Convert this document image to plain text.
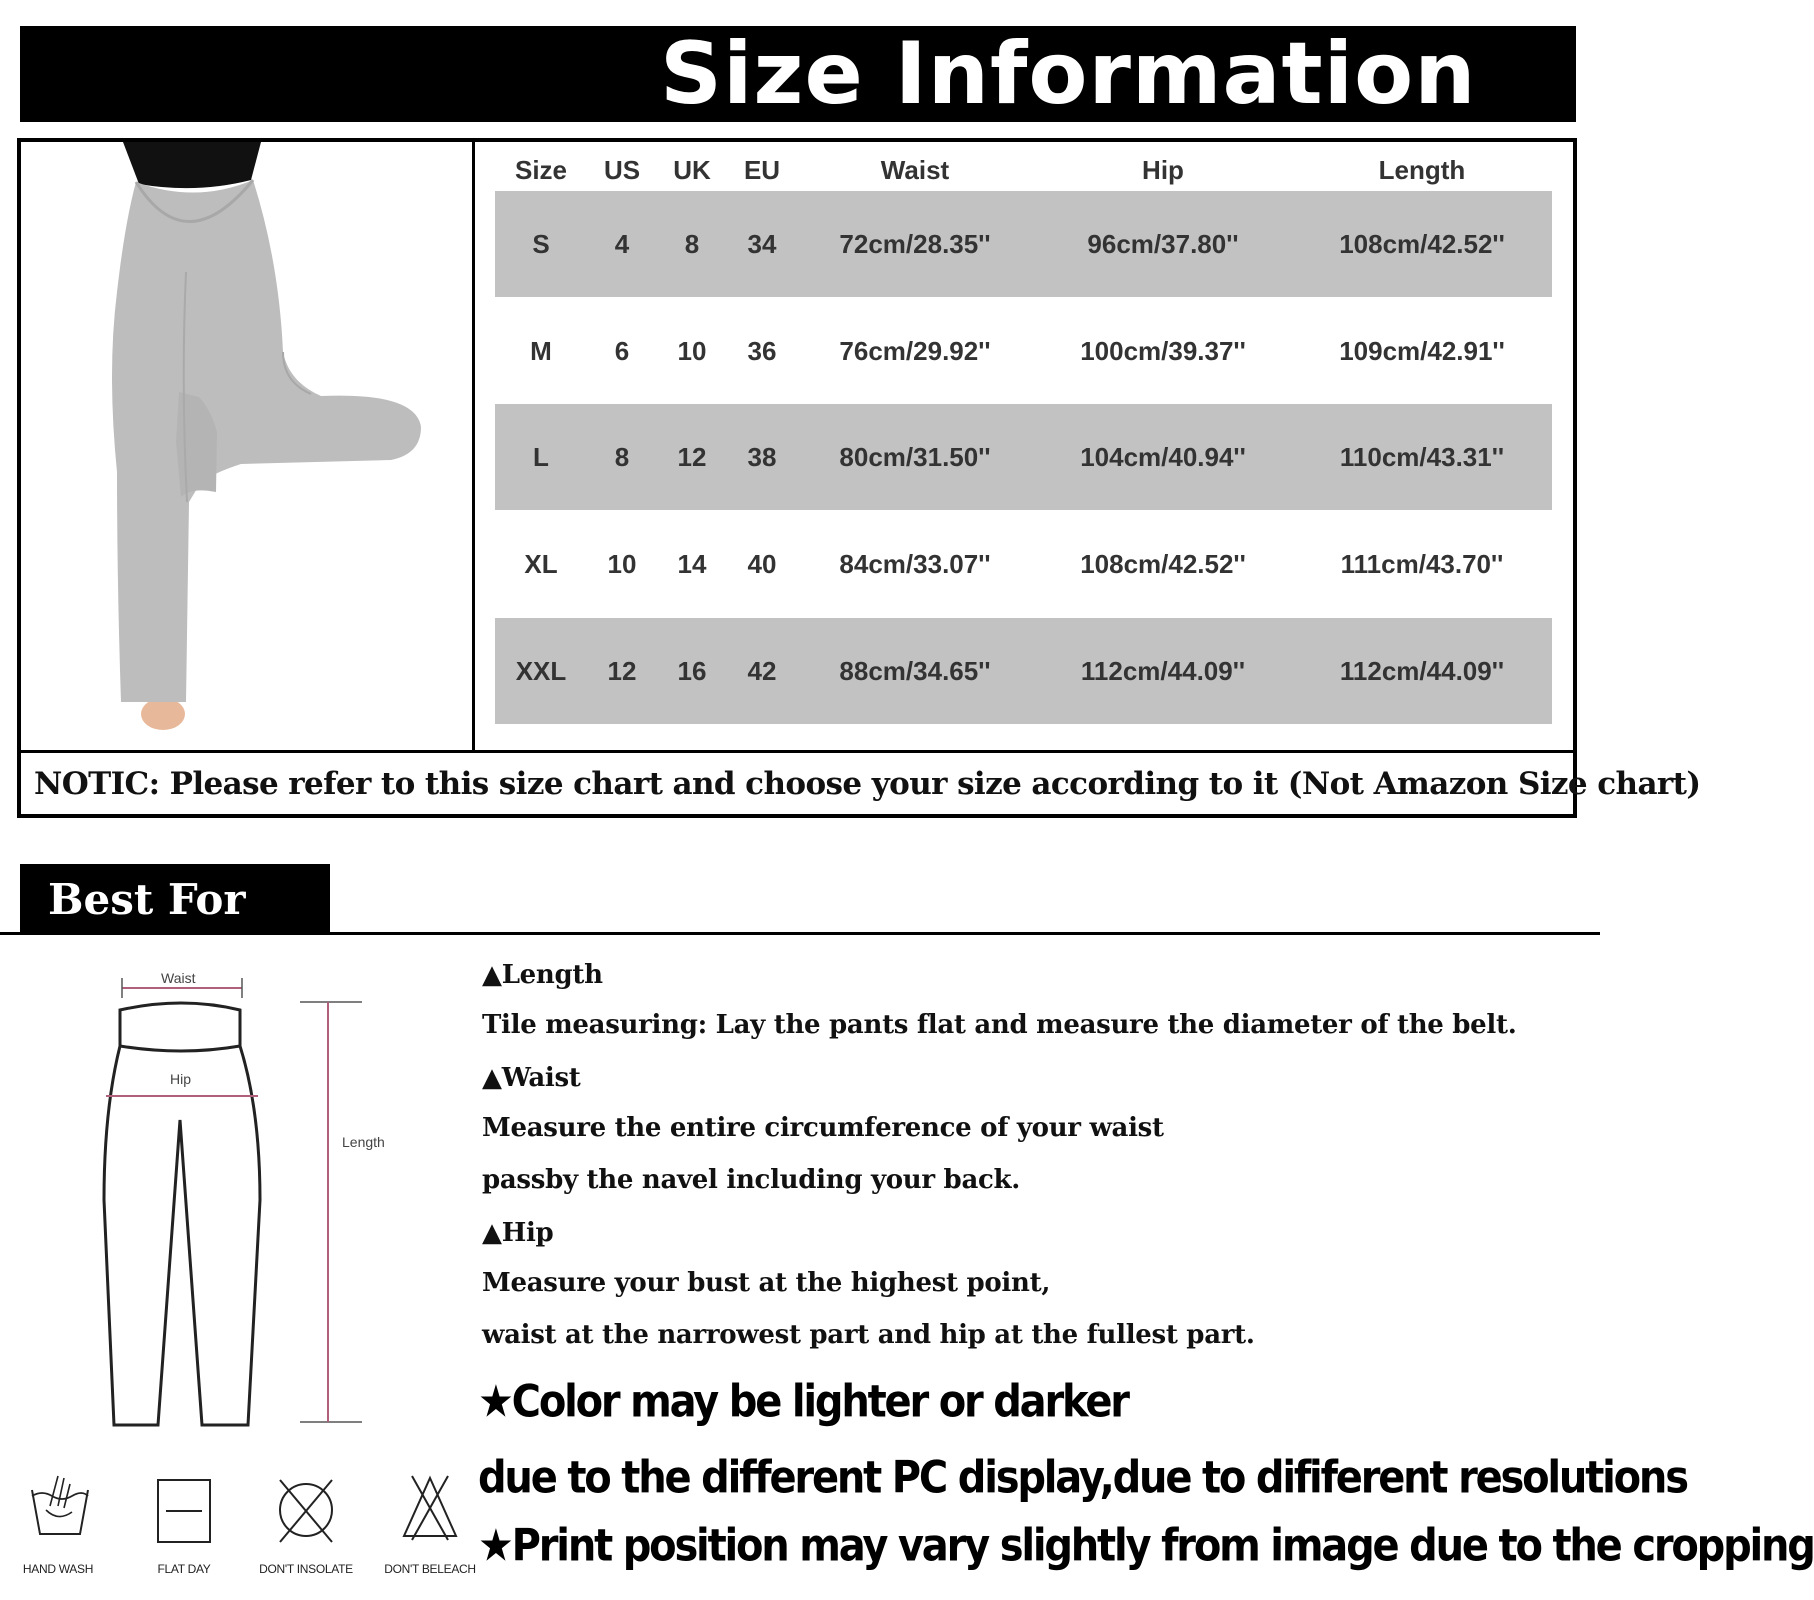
Size Information
Size US UK EU	Waist	Hip	Length
S	4 8 34 72cm/28.35''	96cm/37.80''	108cm/42.52''
M 6 10 36 76cm/29.92''	100cm/39.37''	109cm/42.91''
L	8 12 38 80cm/31.50''	104cm/40.94''	110cm/43.31''
XL 10 14 40 84cm/33.07''	108cm/42.52''	111cm/43.70''
XXL 12 16 42 88cm/34.65''	112cm/44.09''	112cm/44.09''
NOTIC: Please refer to this size chart and choose your size according to it (Not Amazon Size chart)
Best For You	Waist
Hip
Length
▲Length
Tile measuring: Lay the pants flat and measure the diameter of the belt.
▲Waist
Measure the entire circumference of your waist
passby the navel including your back.
▲Hip
Measure your bust at the highest point,
waist at the narrowest part and hip at the fullest part.
★Color may be lighter or darker
due to the different PC display,due to dififerent resolutions
★Print position may vary slightly from image due to the cropping
HAND WASH	FLAT DAY	DON'T INSOLATE	DON'T BELEACH
